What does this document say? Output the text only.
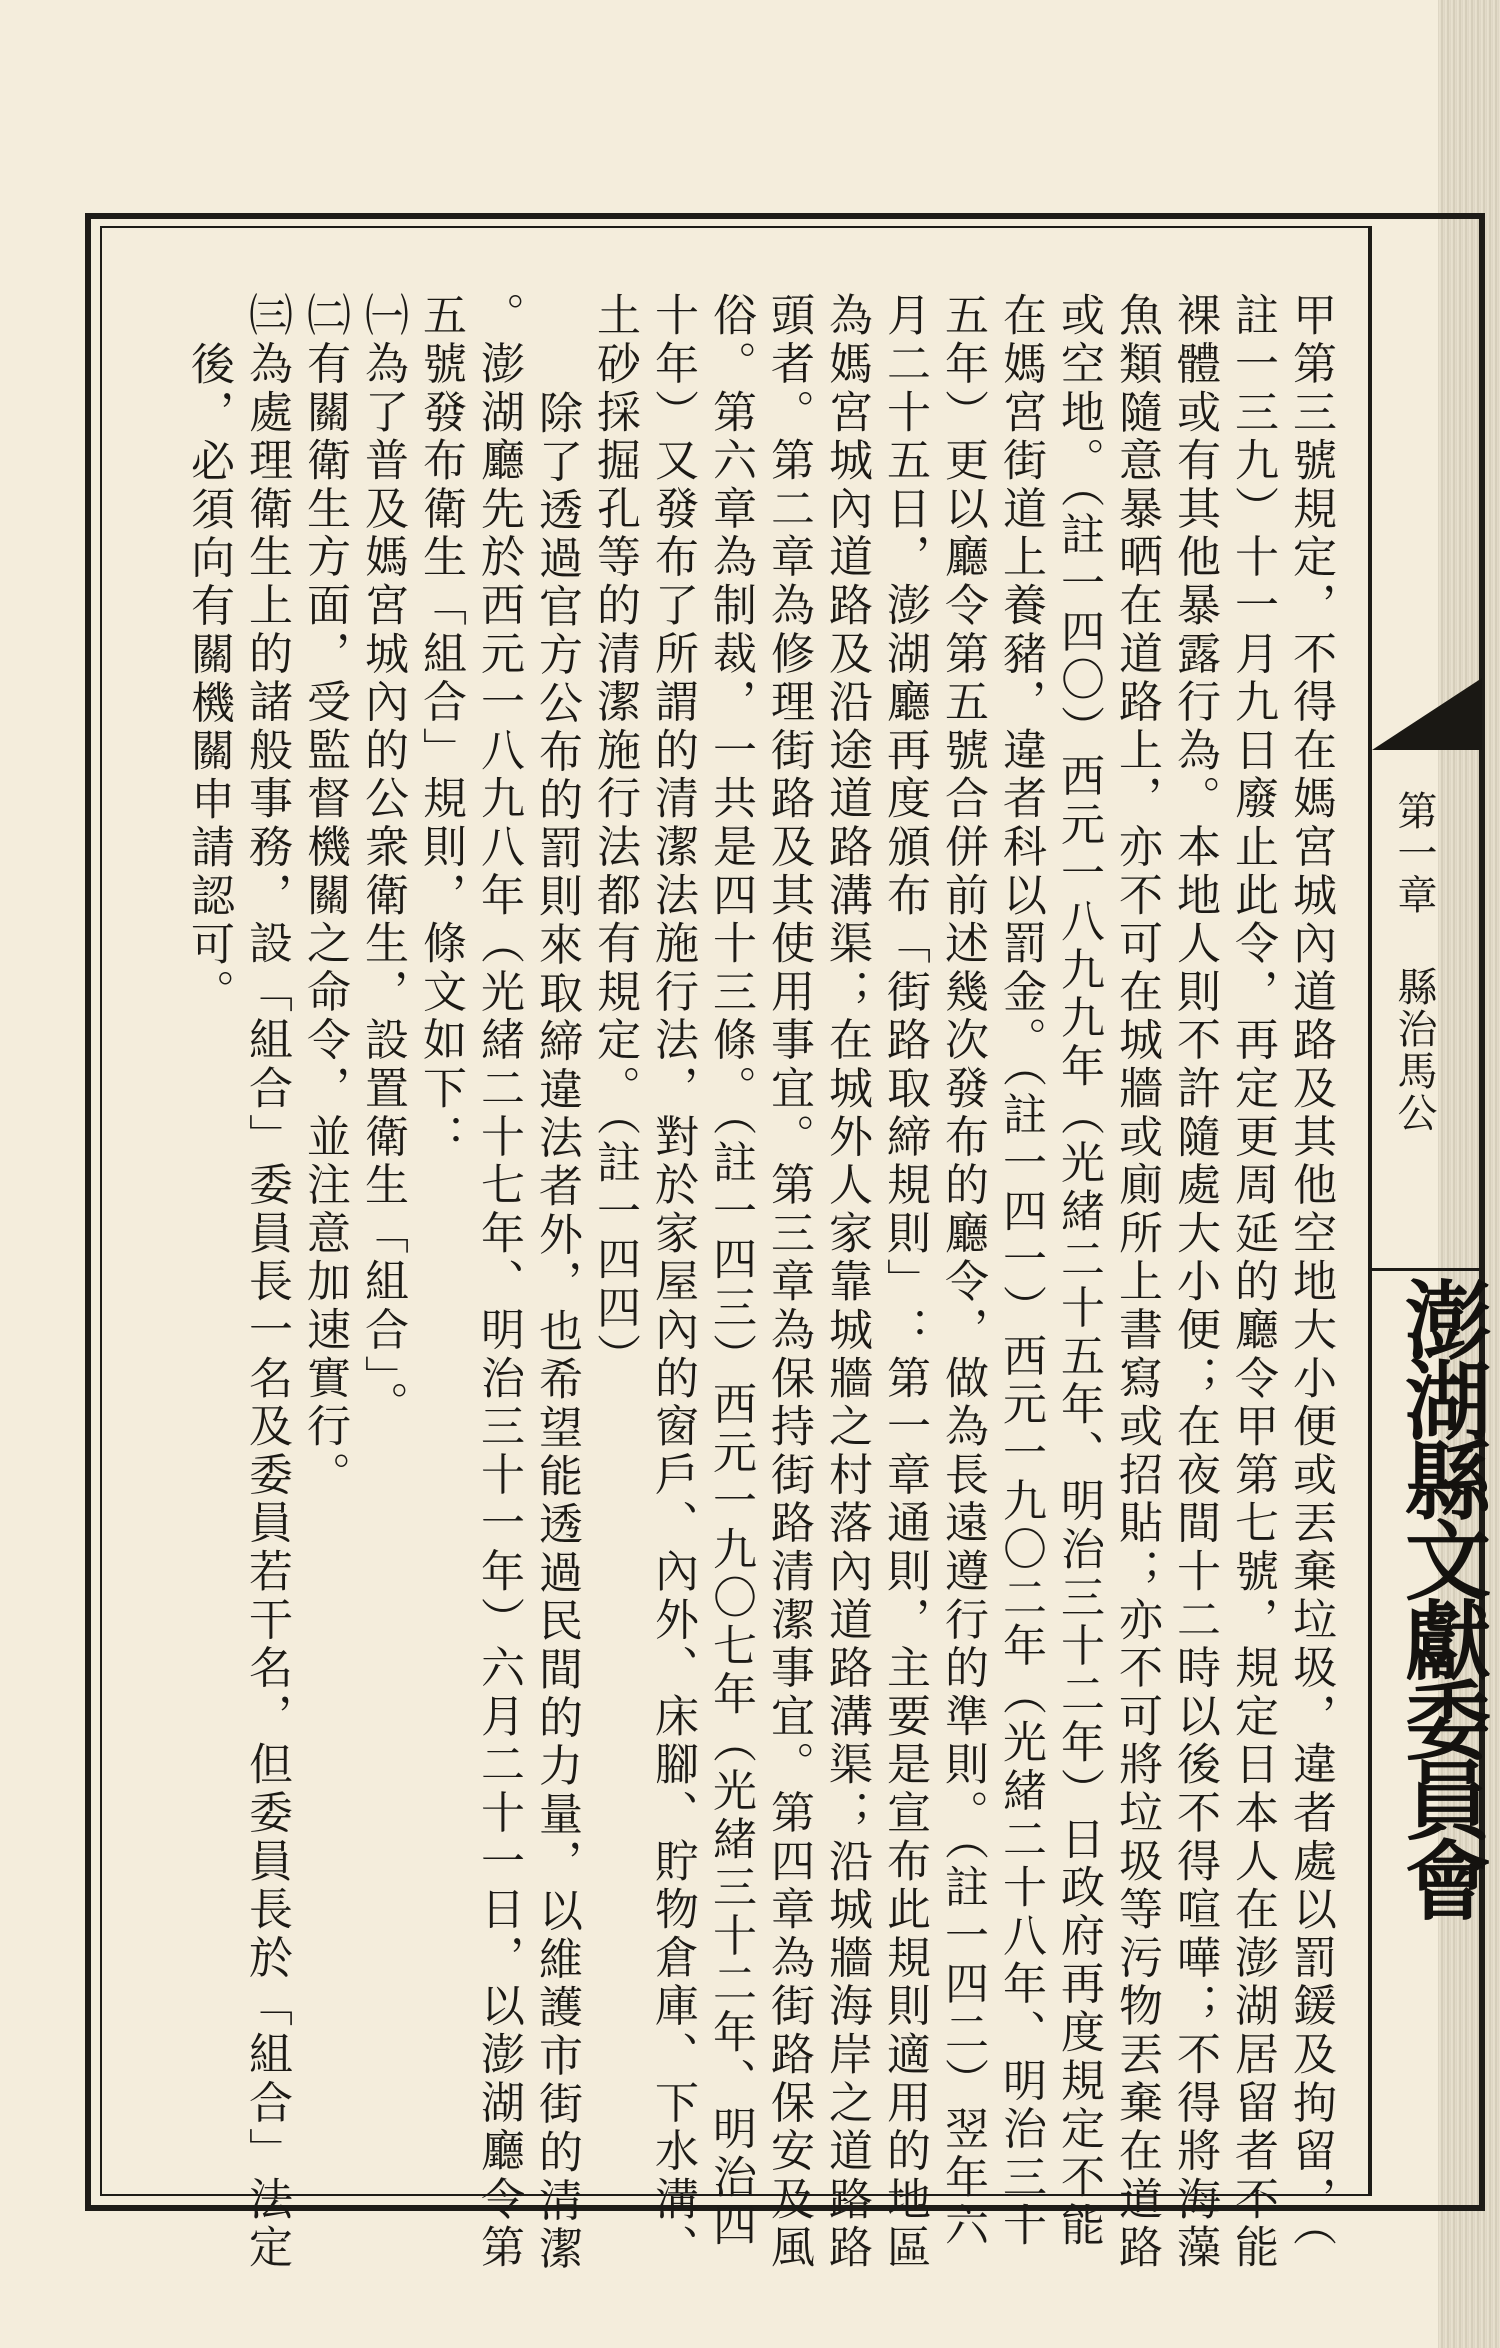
第一章
縣治馬公
澎湖縣文獻委員會
甲第三號規定，不得在媽宮城內道路及其他空地大小便或丟棄垃圾，違者處以罰鍰及拘留，（
註一三九）十一月九日廢止此令，再定更周延的廳令甲第七號，規定日本人在澎湖居留者不能
裸體或有其他暴露行為。本地人則不許隨處大小便；在夜間十二時以後不得喧嘩；不得將海藻
魚類隨意暴晒在道路上，亦不可在城牆或廁所上書寫或招貼；亦不可將垃圾等污物丟棄在道路
或空地。（註一四〇）西元一八九九年（光緒二十五年、明治三十二年）日政府再度規定不能
在媽宮街道上養豬，違者科以罰金。（註一四一）西元一九〇二年（光緒二十八年、明治三十
五年）更以廳令第五號合併前述幾次發布的廳令，做為長遠遵行的準則。（註一四二）翌年六
月二十五日，澎湖廳再度頒布「街路取締規則」：第一章通則，主要是宣布此規則適用的地區
為媽宮城內道路及沿途道路溝渠；在城外人家靠城牆之村落內道路溝渠；沿城牆海岸之道路路
頭者。第二章為修理街路及其使用事宜。第三章為保持街路清潔事宜。第四章為街路保安及風
俗。第六章為制裁，一共是四十三條。（註一四三）西元一九〇七年（光緒三十二年、明治四
十年）又發布了所謂的清潔法施行法，對於家屋內的窗戶、內外、床腳、貯物倉庫、下水溝、
土砂採掘孔等的清潔施行法都有規定。（註一四四）
除了透過官方公布的罰則來取締違法者外，也希望能透過民間的力量，以維護市街的清潔
。澎湖廳先於西元一八九八年（光緒二十七年、明治三十一年）六月二十一日，以澎湖廳令第
五號發布衛生「組合」規則，條文如下：
㈠為了普及媽宮城內的公衆衛生，設置衛生「組合」。
㈡有關衛生方面，受監督機關之命令，並注意加速實行。
㈢為處理衛生上的諸般事務，設「組合」委員長一名及委員若干名，但委員長於「組合」法定
後，必須向有關機關申請認可。
